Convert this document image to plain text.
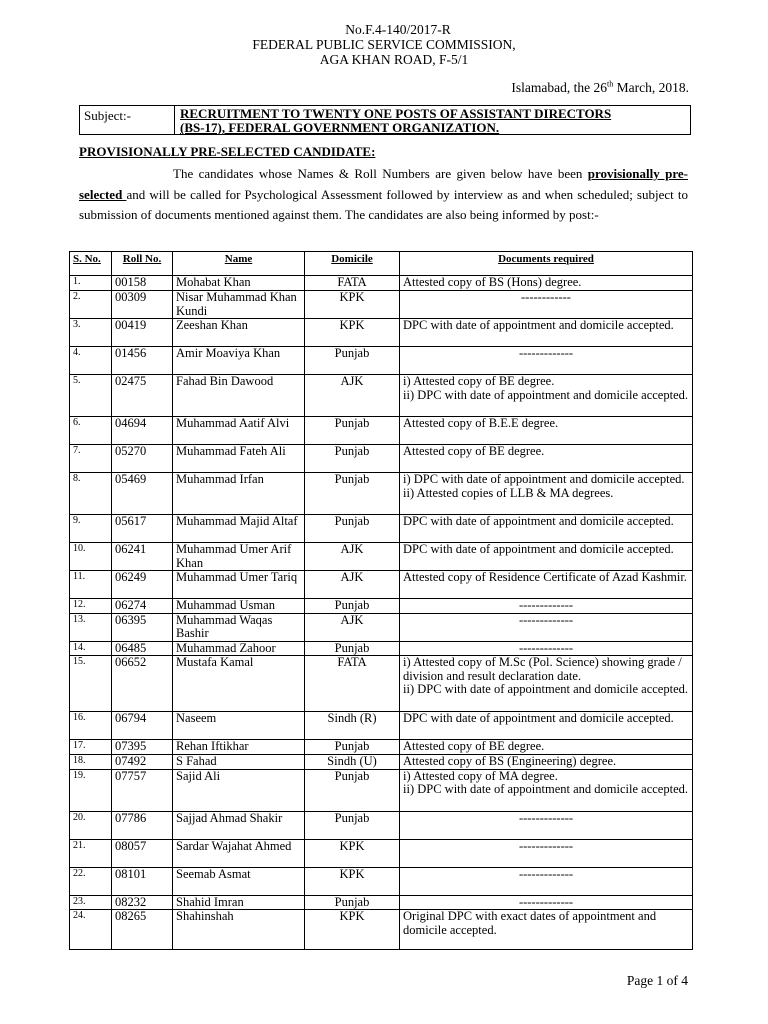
No.F.4-140/2017-R
FEDERAL PUBLIC SERVICE COMMISSION,
AGA KHAN ROAD, F-5/1
Islamabad, the 26th March, 2018.
Subject:-	RECRUITMENT TO TWENTY ONE POSTS OF ASSISTANT DIRECTORS
(BS-17), FEDERAL GOVERNMENT ORGANIZATION.
PROVISIONALLY PRE-SELECTED CANDIDATE:
The candidates whose Names & Roll Numbers are given below have been provisionally pre-selected and will be called for Psychological Assessment followed by interview as and when scheduled; subject to submission of documents mentioned against them. The candidates are also being informed by post:-
S. No.	Roll No.	Name	Domicile	Documents required
1.	00158	Mohabat Khan	FATA	Attested copy of BS (Hons) degree.
2.	00309	Nisar Muhammad Khan Kundi	KPK	------------
3.	00419	Zeeshan Khan	KPK	DPC with date of appointment and domicile accepted.
4.	01456	Amir Moaviya Khan	Punjab	-------------
5.	02475	Fahad Bin Dawood	AJK	i) Attested copy of BE degree.
ii) DPC with date of appointment and domicile accepted.
6.	04694	Muhammad Aatif Alvi	Punjab	Attested copy of B.E.E degree.
7.	05270	Muhammad Fateh Ali	Punjab	Attested copy of BE degree.
8.	05469	Muhammad Irfan	Punjab	i) DPC with date of appointment and domicile accepted.
ii) Attested copies of LLB & MA degrees.
9.	05617	Muhammad Majid Altaf	Punjab	DPC with date of appointment and domicile accepted.
10.	06241	Muhammad Umer Arif Khan	AJK	DPC with date of appointment and domicile accepted.
11.	06249	Muhammad Umer Tariq	AJK	Attested copy of Residence Certificate of Azad Kashmir.
12.	06274	Muhammad Usman	Punjab	-------------
13.	06395	Muhammad Waqas Bashir	AJK	-------------
14.	06485	Muhammad Zahoor	Punjab	-------------
15.	06652	Mustafa Kamal	FATA	i) Attested copy of M.Sc (Pol. Science) showing grade / division and result declaration date.
ii) DPC with date of appointment and domicile accepted.
16.	06794	Naseem	Sindh (R)	DPC with date of appointment and domicile accepted.
17.	07395	Rehan Iftikhar	Punjab	Attested copy of BE degree.
18.	07492	S Fahad	Sindh (U)	Attested copy of BS (Engineering) degree.
19.	07757	Sajid Ali	Punjab	i) Attested copy of MA degree.
ii) DPC with date of appointment and domicile accepted.
20.	07786	Sajjad Ahmad Shakir	Punjab	-------------
21.	08057	Sardar Wajahat Ahmed	KPK	-------------
22.	08101	Seemab Asmat	KPK	-------------
23.	08232	Shahid Imran	Punjab	-------------
24.	08265	Shahinshah	KPK	Original DPC with exact dates of appointment and domicile accepted.
Page 1 of 4
